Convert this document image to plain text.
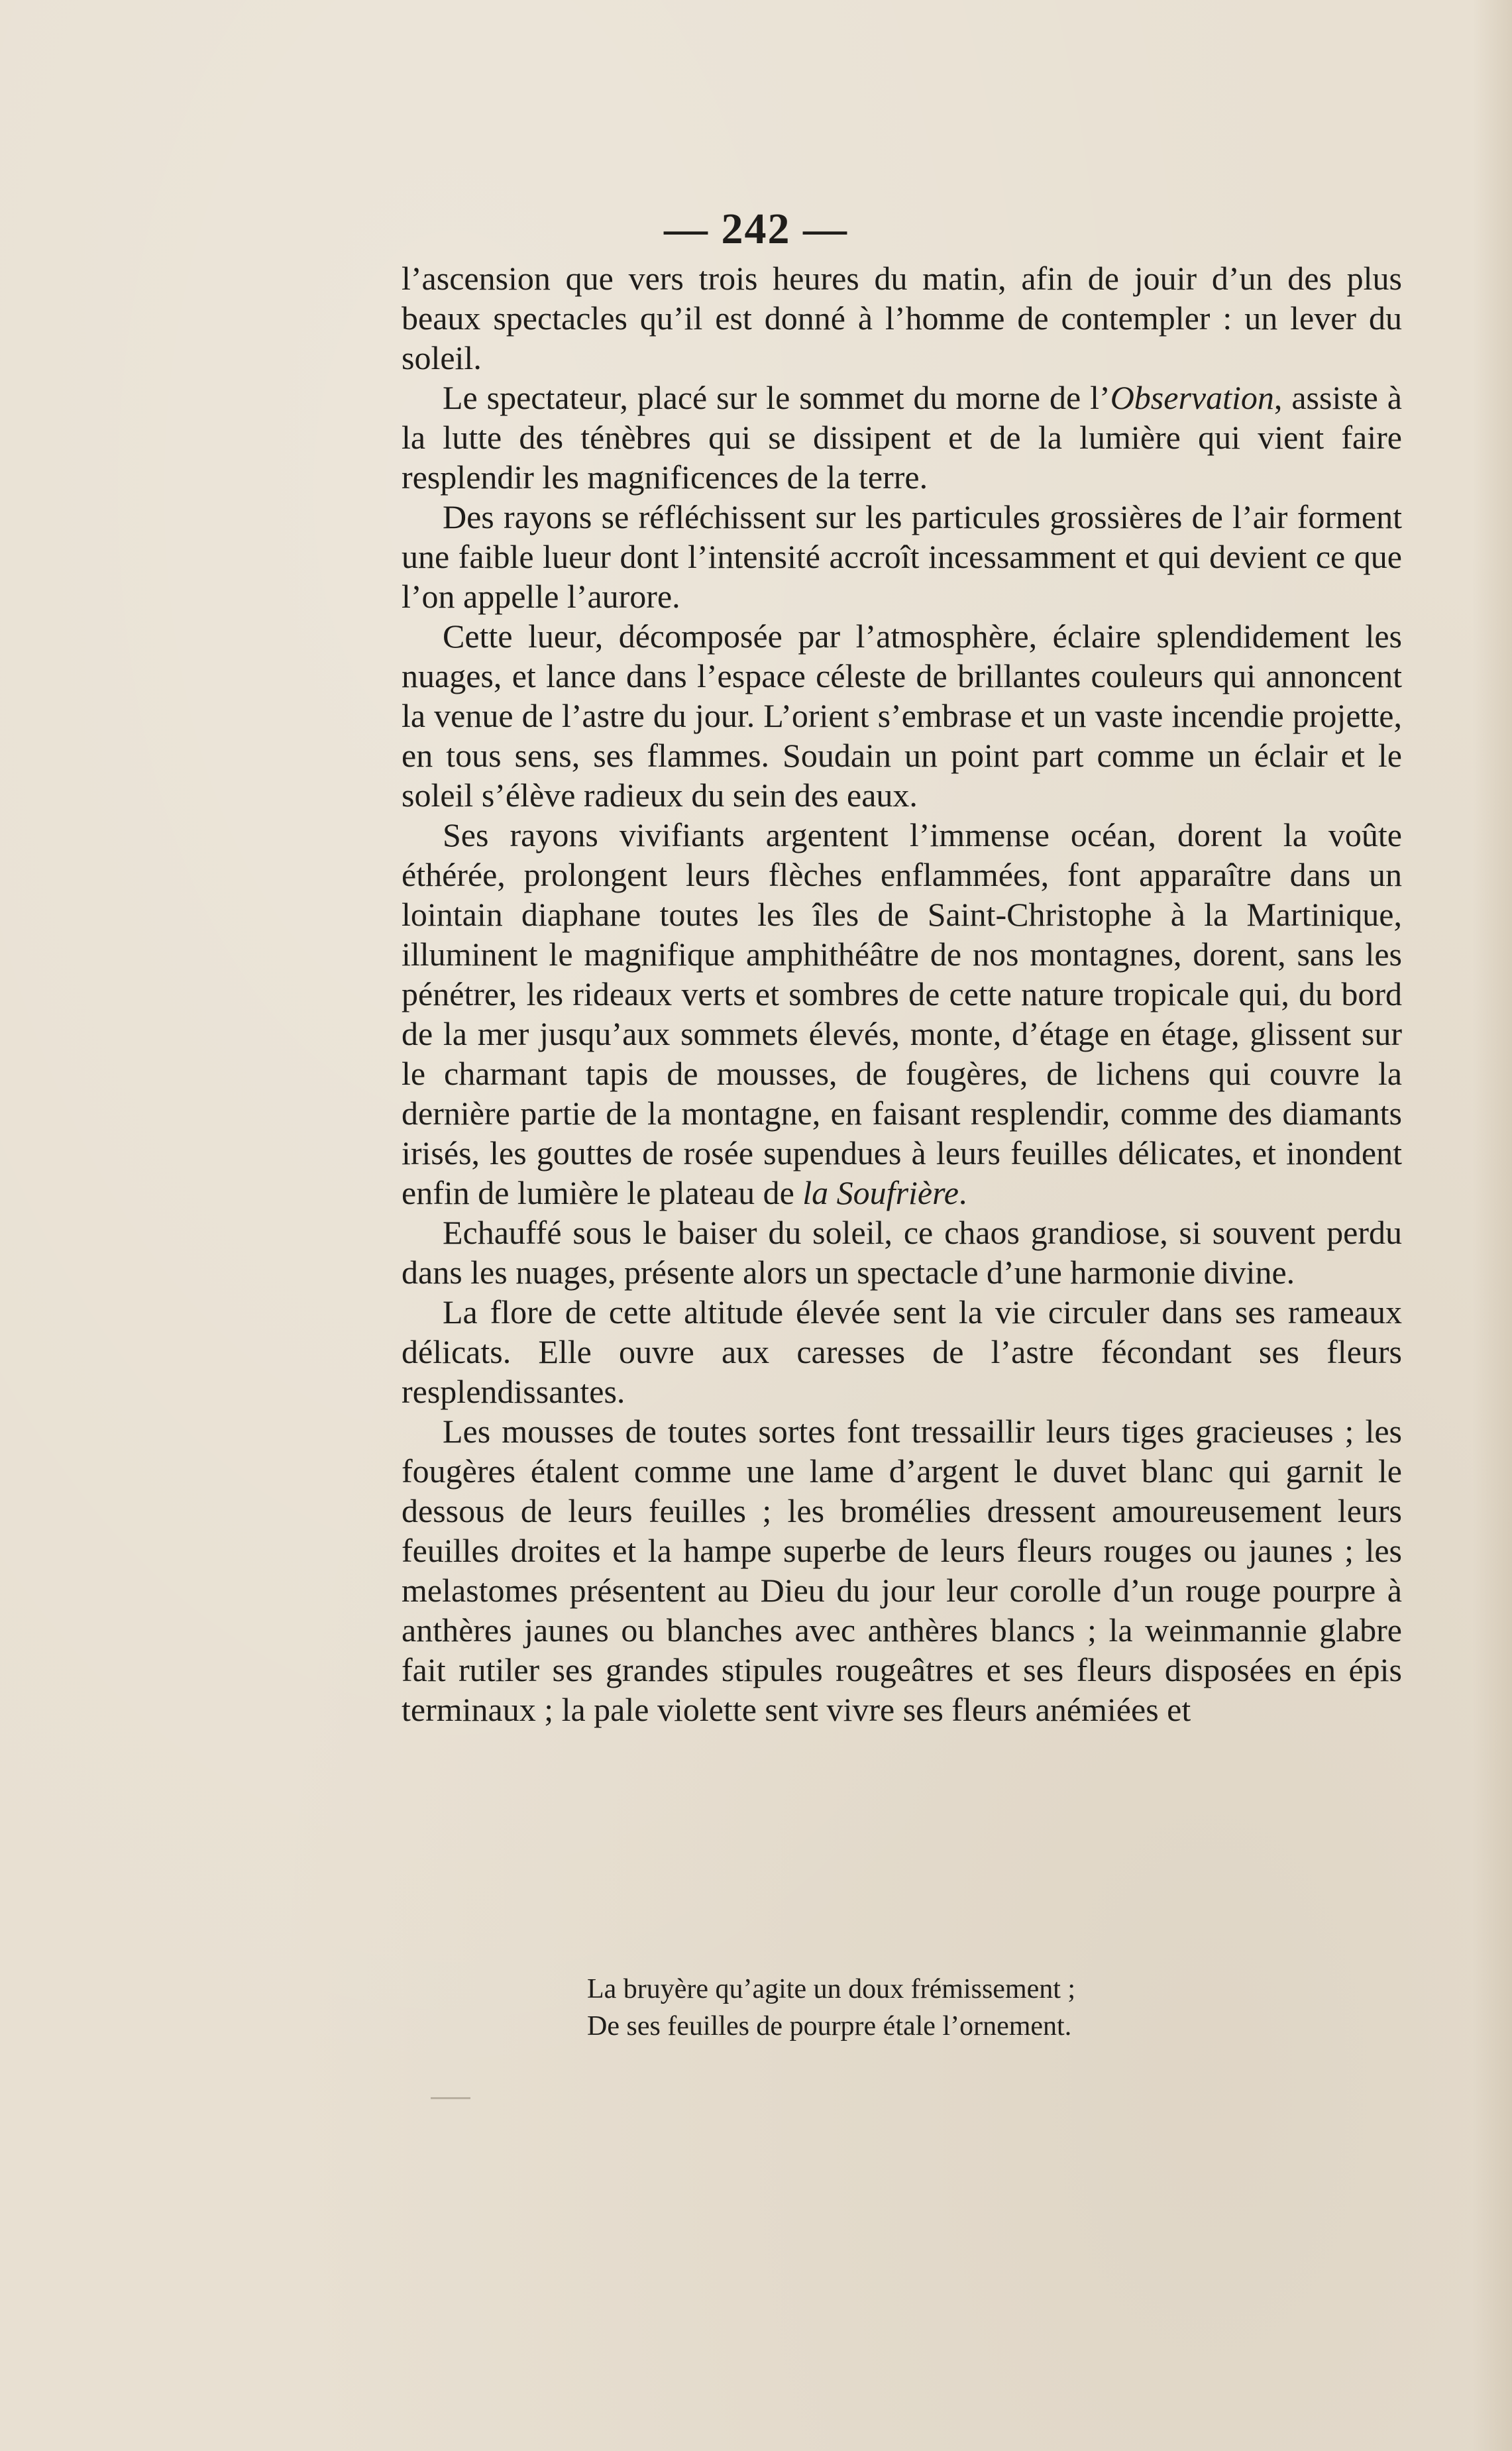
— 242 —

l’ascension que vers trois heures du matin, afin de jouir d’un des plus beaux spectacles qu’il est donné à l’homme de contempler : un lever du soleil.

Le spectateur, placé sur le sommet du morne de l’Observation, assiste à la lutte des ténèbres qui se dissipent et de la lumière qui vient faire resplendir les magnificences de la terre.

Des rayons se réfléchissent sur les particules grossières de l’air forment une faible lueur dont l’intensité accroît incessamment et qui devient ce que l’on appelle l’aurore.

Cette lueur, décomposée par l’atmosphère, éclaire splendidement les nuages, et lance dans l’espace céleste de brillantes couleurs qui annoncent la venue de l’astre du jour. L’orient s’embrase et un vaste incendie projette, en tous sens, ses flammes. Soudain un point part comme un éclair et le soleil s’élève radieux du sein des eaux.

Ses rayons vivifiants argentent l’immense océan, dorent la voûte éthérée, prolongent leurs flèches enflammées, font apparaître dans un lointain diaphane toutes les îles de Saint-Christophe à la Martinique, illuminent le magnifique amphithéâtre de nos montagnes, dorent, sans les pénétrer, les rideaux verts et sombres de cette nature tropicale qui, du bord de la mer jusqu’aux sommets élevés, monte, d’étage en étage, glissent sur le charmant tapis de mousses, de fougères, de lichens qui couvre la dernière partie de la montagne, en faisant resplendir, comme des diamants irisés, les gouttes de rosée supendues à leurs feuilles délicates, et inondent enfin de lumière le plateau de la Soufrière.

Echauffé sous le baiser du soleil, ce chaos grandiose, si souvent perdu dans les nuages, présente alors un spectacle d’une harmonie divine.

La flore de cette altitude élevée sent la vie circuler dans ses rameaux délicats. Elle ouvre aux caresses de l’astre fécondant ses fleurs resplendissantes.

Les mousses de toutes sortes font tressaillir leurs tiges gracieuses ; les fougères étalent comme une lame d’argent le duvet blanc qui garnit le dessous de leurs feuilles ; les bromélies dressent amoureusement leurs feuilles droites et la hampe superbe de leurs fleurs rouges ou jaunes ; les melastomes présentent au Dieu du jour leur corolle d’un rouge pourpre à anthères jaunes ou blanches avec anthères blancs ; la weinmannie glabre fait rutiler ses grandes stipules rougeâtres et ses fleurs disposées en épis terminaux ; la pale violette sent vivre ses fleurs anémiées et

La bruyère qu’agite un doux frémissement ;
De ses feuilles de pourpre étale l’ornement.
